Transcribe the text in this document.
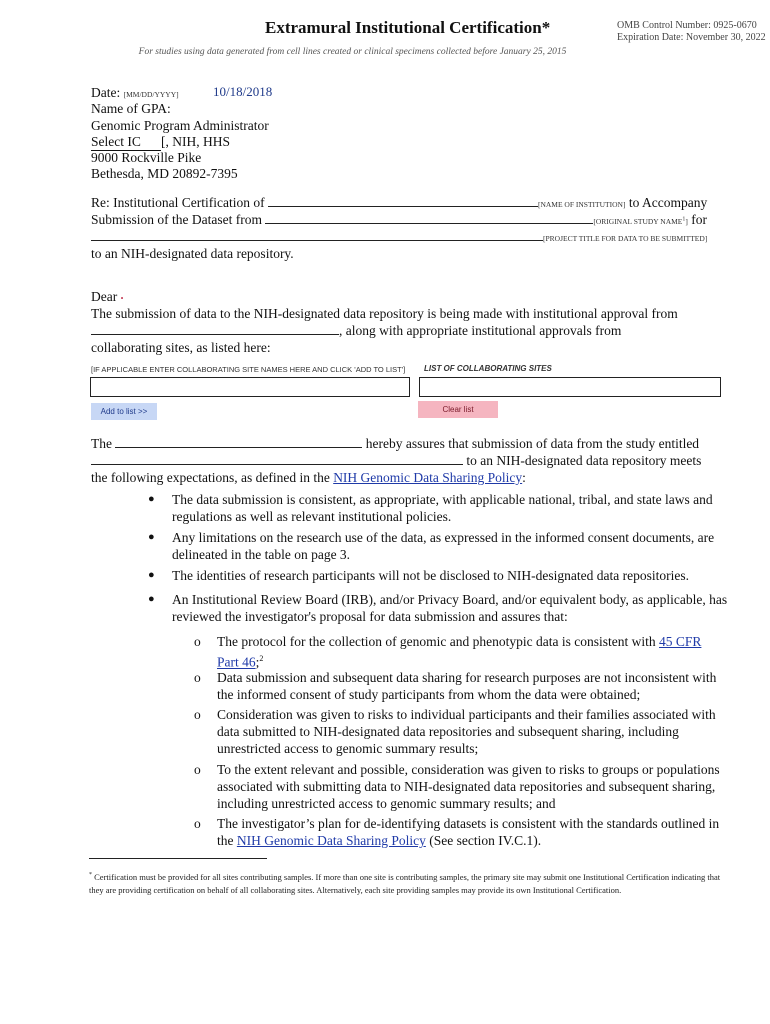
Extramural Institutional Certification*	OMB Control Number: 0925-0670
Expiration Date: November 30, 2022
For studies using data generated from cell lines created or clinical specimens collected before January 25, 2015
Date: [MM/DD/YYYY]	10/18/2018
Name of GPA:
Genomic Program Administrator
Select IC [, NIH, HHS
9000 Rockville Pike
Bethesda, MD 20892-7395
Re: Institutional Certification of	[NAME OF INSTITUTION] to Accompany
Submission of the Dataset from	[ORIGINAL STUDY NAME$^1$] for
[PROJECT TITLE FOR DATA TO BE SUBMITTED]
to an NIH-designated data repository.
Dear •
The submission of data to the NIH-designated data repository is being made with institutional approval from
, along with appropriate institutional approvals from
collaborating sites, as listed here:
[IF APPLICABLE ENTER COLLABORATING SITE NAMES HERE AND CLICK 'ADD TO LIST'] LIST OF COLLABORATING SITES
Add to list >>	Clear list
The	hereby assures that submission of data from the study entitled
to an NIH-designated data repository meets
the following expectations, as defined in the NIH Genomic Data Sharing Policy:
● The data submission is consistent, as appropriate, with applicable national, tribal, and state laws and regulations as well as relevant institutional policies.
● Any limitations on the research use of the data, as expressed in the informed consent documents, are delineated in the table on page 3.
● The identities of research participants will not be disclosed to NIH-designated data repositories.
● An Institutional Review Board (IRB), and/or Privacy Board, and/or equivalent body, as applicable, has reviewed the investigator's proposal for data submission and assures that:
o The protocol for the collection of genomic and phenotypic data is consistent with 45 CFR Part 46;$^2$
o Data submission and subsequent data sharing for research purposes are not inconsistent with the informed consent of study participants from whom the data were obtained;
o Consideration was given to risks to individual participants and their families associated with data submitted to NIH-designated data repositories and subsequent sharing, including unrestricted access to genomic summary results;
o To the extent relevant and possible, consideration was given to risks to groups or populations associated with submitting data to NIH-designated data repositories and subsequent sharing, including unrestricted access to genomic summary results; and
o The investigator’s plan for de-identifying datasets is consistent with the standards outlined in the NIH Genomic Data Sharing Policy (See section IV.C.1).
* Certification must be provided for all sites contributing samples. If more than one site is contributing samples, the primary site may submit one Institutional Certification indicating that they are providing certification on behalf of all collaborating sites. Alternatively, each site providing samples may provide its own Institutional Certification.
